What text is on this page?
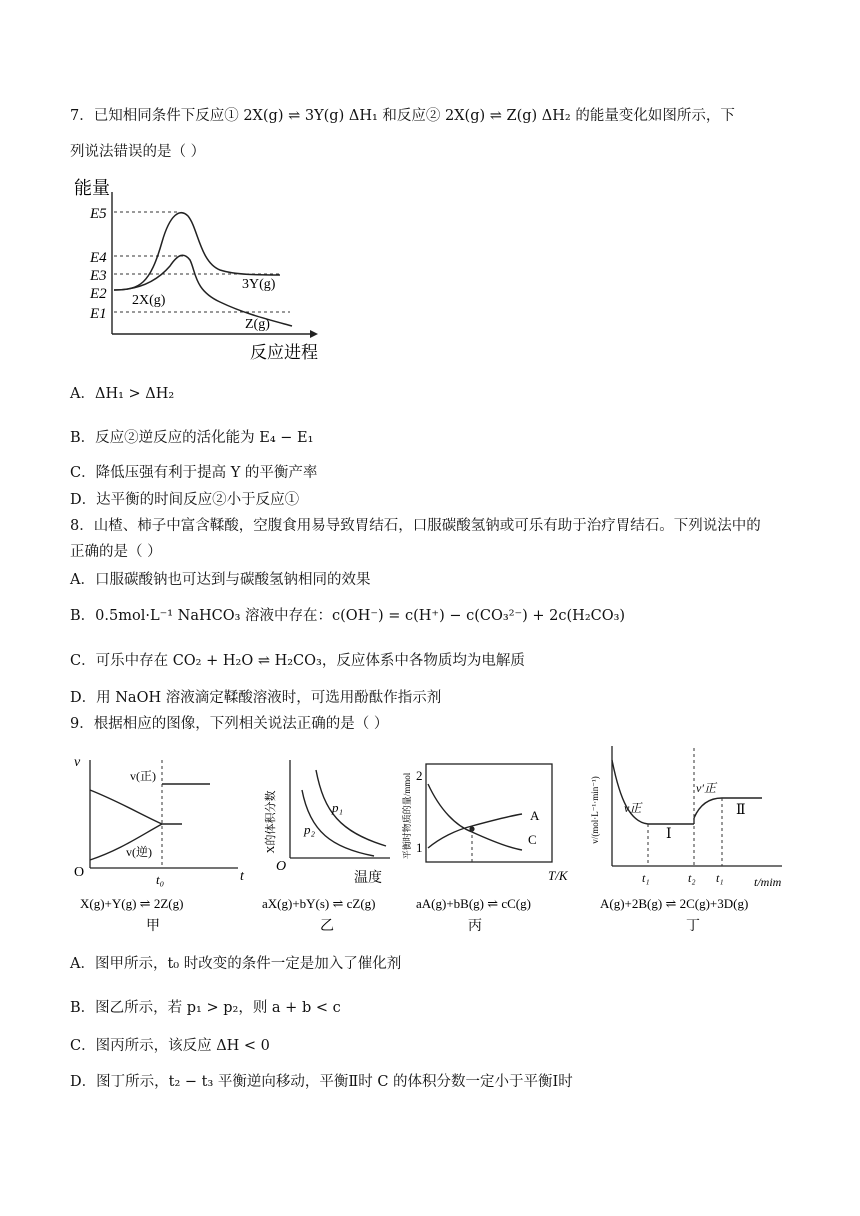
7．已知相同条件下反应① 2X(g) ⇌ 3Y(g) ΔH₁ 和反应② 2X(g) ⇌ Z(g) ΔH₂ 的能量变化如图所示，下
列说法错误的是（ ）
能量
E5
E4
E3
E2
E1
3Y(g)
2X(g)
Z(g)
反应进程
A．ΔH₁ > ΔH₂
B．反应②逆反应的活化能为 E₄ − E₁
C．降低压强有利于提高 Y 的平衡产率
D．达平衡的时间反应②小于反应①
8．山楂、柿子中富含鞣酸，空腹食用易导致胃结石，口服碳酸氢钠或可乐有助于治疗胃结石。下列说法中的
正确的是（ ）
A．口服碳酸钠也可达到与碳酸氢钠相同的效果
B．0.5mol·L⁻¹ NaHCO₃ 溶液中存在：c(OH⁻) = c(H⁺) − c(CO₃²⁻) + 2c(H₂CO₃)
C．可乐中存在 CO₂ + H₂O ⇌ H₂CO₃，反应体系中各物质均为电解质
D．用 NaOH 溶液滴定鞣酸溶液时，可选用酚酞作指示剂
9．根据相应的图像，下列相关说法正确的是（ ）
v
O	t
v(正)
v(逆)
t₀
X(g)+Y(g) ⇌ 2Z(g)
甲
X的体积分数
O
温度
p₁
p₂
aX(g)+bY(s) ⇌ cZ(g)
乙
平衡时物质的量/mmol 2
1
A
C
T/K
aA(g)+bB(g) ⇌ cC(g)
丙
v/(mol·L⁻¹·min⁻¹) v正
v′正
Ⅰ
Ⅱ
t₁	t₂ t₁	t/mim
A(g)+2B(g) ⇌ 2C(g)+3D(g)
丁
A．图甲所示，t₀ 时改变的条件一定是加入了催化剂
B．图乙所示，若 p₁ > p₂，则 a + b < c
C．图丙所示，该反应 ΔH < 0
D．图丁所示，t₂ − t₃ 平衡逆向移动，平衡Ⅱ时 C 的体积分数一定小于平衡Ⅰ时
